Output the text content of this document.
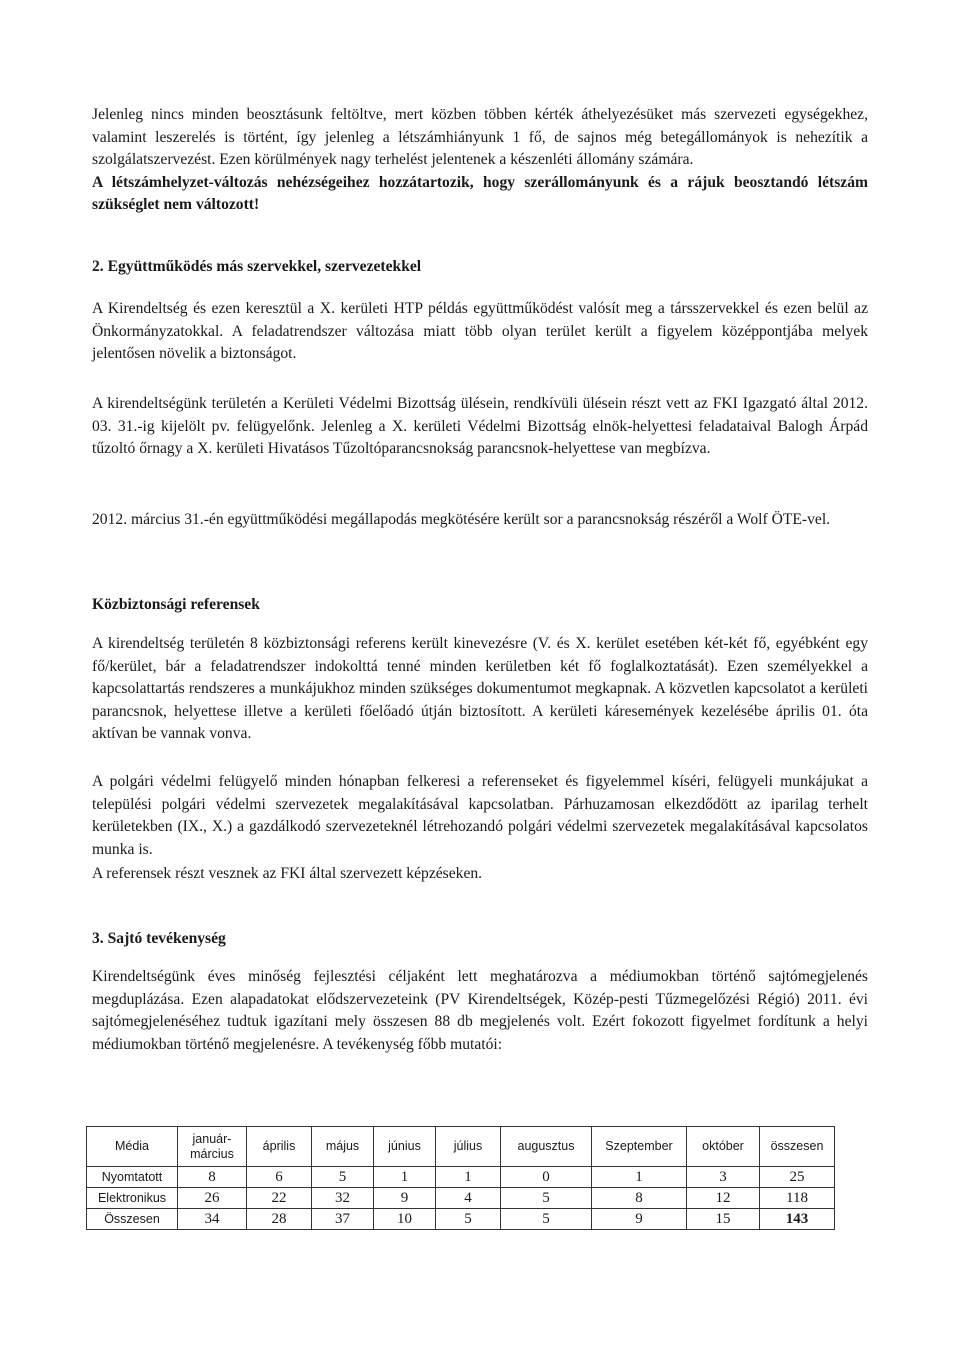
Jelenleg nincs minden beosztásunk feltöltve, mert közben többen kérték áthelyezésüket más szervezeti egységekhez, valamint leszerelés is történt, így jelenleg a létszámhiányunk 1 fő, de sajnos még betegállományok is nehezítik a szolgálatszervezést. Ezen körülmények nagy terhelést jelentenek a készenléti állomány számára.

A létszámhelyzet-változás nehézségeihez hozzátartozik, hogy szerállományunk és a rájuk beosztandó létszám szükséglet nem változott!

2. Együttműködés más szervekkel, szervezetekkel
A Kirendeltség és ezen keresztül a X. kerületi HTP példás együttműködést valósít meg a társszervekkel és ezen belül az Önkormányzatokkal. A feladatrendszer változása miatt több olyan terület került a figyelem középpontjába melyek jelentősen növelik a biztonságot.
A kirendeltségünk területén a Kerületi Védelmi Bizottság ülésein, rendkívüli ülésein részt vett az FKI Igazgató által 2012. 03. 31.-ig kijelölt pv. felügyelőnk. Jelenleg a X. kerületi Védelmi Bizottság elnök-helyettesi feladataival Balogh Árpád tűzoltó őrnagy a X. kerületi Hivatásos Tűzoltóparancsnokság parancsnok-helyettese van megbízva.
2012. március 31.-én együttműködési megállapodás megkötésére került sor a parancsnokság részéről a Wolf ÖTE-vel.
Közbiztonsági referensek
A kirendeltség területén 8 közbiztonsági referens került kinevezésre (V. és X. kerület esetében két-két fő, egyébként egy fő/kerület, bár a feladatrendszer indokolttá tenné minden kerületben két fő foglalkoztatását). Ezen személyekkel a kapcsolattartás rendszeres a munkájukhoz minden szükséges dokumentumot megkapnak. A közvetlen kapcsolatot a kerületi parancsnok, helyettese illetve a kerületi főelőadó útján biztosított. A kerületi káresemények kezelésébe április 01. óta aktívan be vannak vonva.
A polgári védelmi felügyelő minden hónapban felkeresi a referenseket és figyelemmel kíséri, felügyeli munkájukat a települési polgári védelmi szervezetek megalakításával kapcsolatban. Párhuzamosan elkezdődött az iparilag terhelt kerületekben (IX., X.) a gazdálkodó szervezeteknél létrehozandó polgári védelmi szervezetek megalakításával kapcsolatos munka is.
A referensek részt vesznek az FKI által szervezett képzéseken.
3. Sajtó tevékenység
Kirendeltségünk éves minőség fejlesztési céljaként lett meghatározva a médiumokban történő sajtómegjelenés megduplázása. Ezen alapadatokat elődszervezeteink (PV Kirendeltségek, Közép-pesti Tűzmegelőzési Régió) 2011. évi sajtómegjelenéséhez tudtuk igazítani mely összesen 88 db megjelenés volt. Ezért fokozott figyelmet fordítunk a helyi médiumokban történő megjelenésre. A tevékenység főbb mutatói:
Média	január-március	április	május	június	július	augusztus	Szeptember	október	összesen
Nyomtatott	8	6	5	1	1	0	1	3	25
Elektronikus	26	22	32	9	4	5	8	12	118
Összesen	34	28	37	10	5	5	9	15	143
